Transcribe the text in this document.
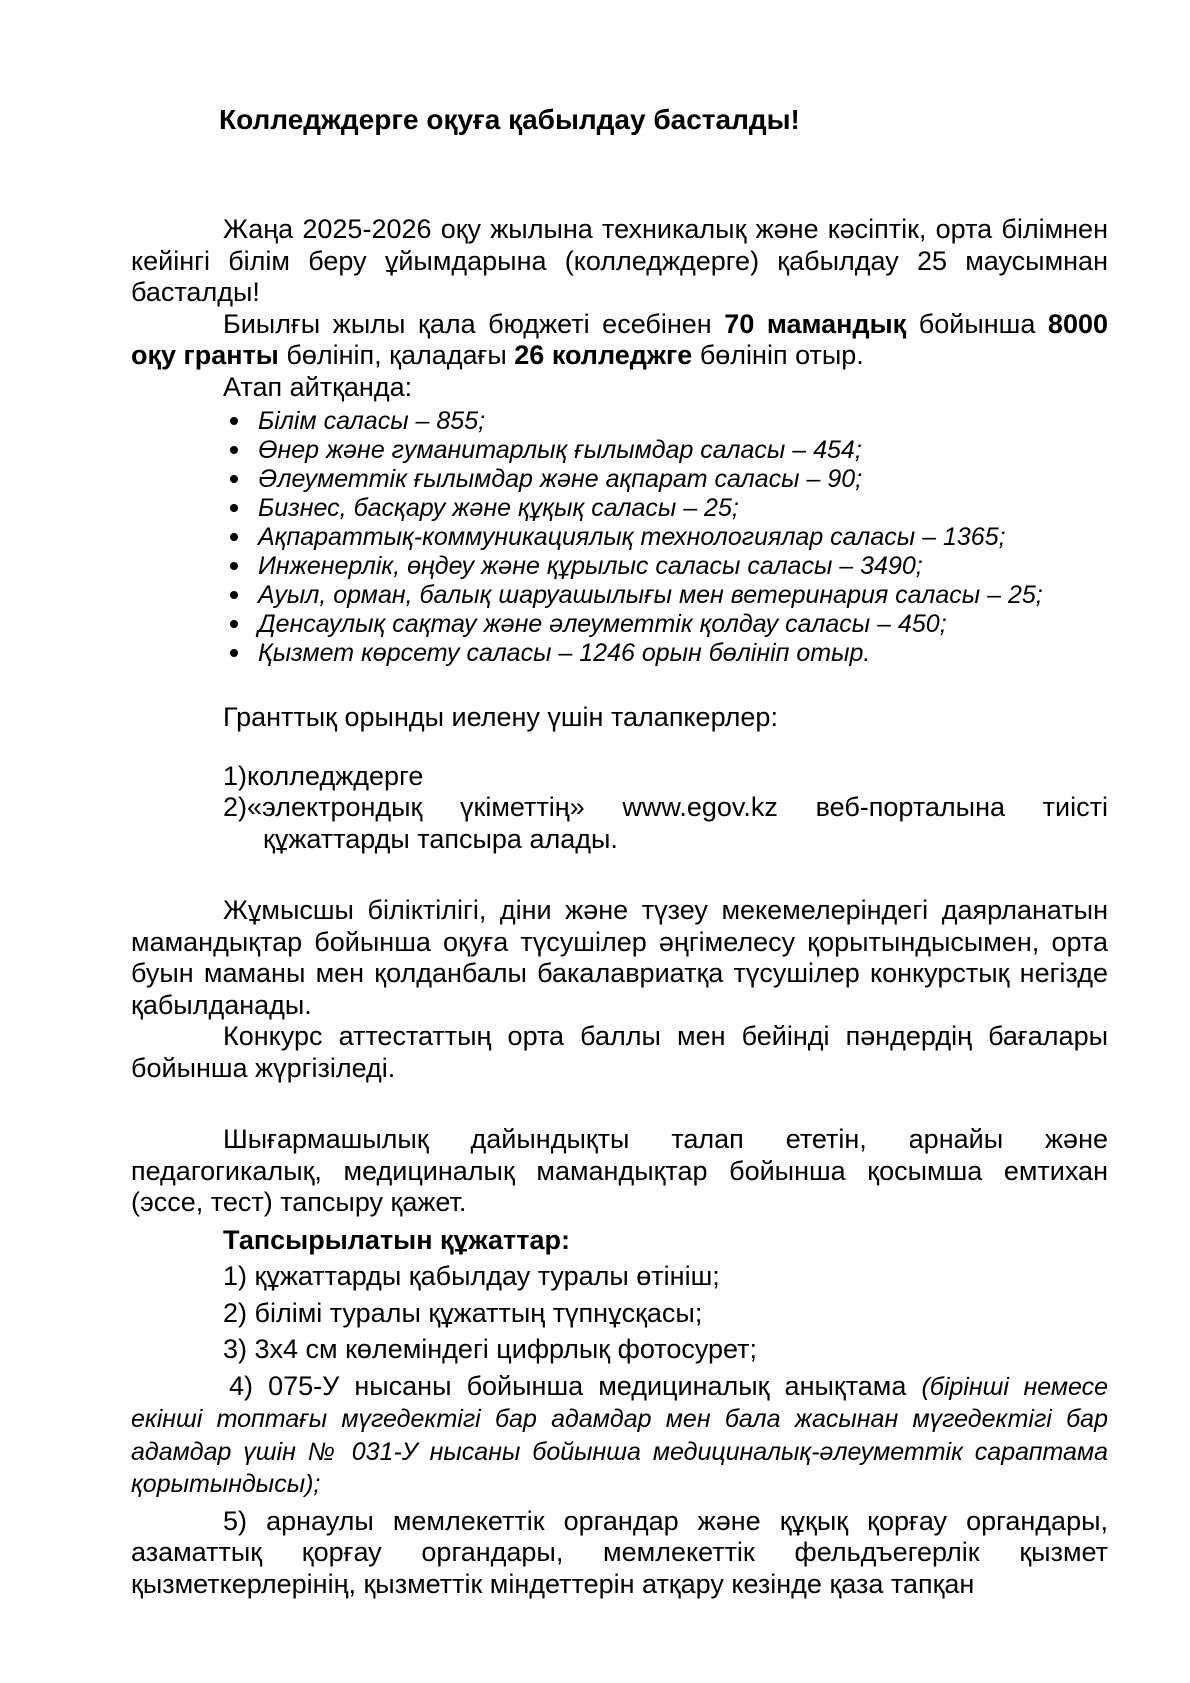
Колледждерге оқуға қабылдау басталды!

Жаңа 2025-2026 оқу жылына техникалық және кәсіптік, орта білімнен кейінгі білім беру ұйымдарына (колледждерге) қабылдау 25 маусымнан басталды!

Биылғы жылы қала бюджеті есебінен 70 мамандық бойынша 8000 оқу гранты бөлініп, қаладағы 26 колледжге бөлініп отыр.

Атап айтқанда:

Білім саласы – 855;
Өнер және гуманитарлық ғылымдар саласы – 454;
Әлеуметтік ғылымдар және ақпарат саласы – 90;
Бизнес, басқару және құқық саласы – 25;
Ақпараттық-коммуникациялық технологиялар саласы – 1365;
Инженерлік, өңдеу және құрылыс саласы саласы – 3490;
Ауыл, орман, балық шаруашылығы мен ветеринария саласы – 25;
Денсаулық сақтау және әлеуметтік қолдау саласы – 450;
Қызмет көрсету саласы – 1246 орын бөлініп отыр.

Гранттық орынды иелену үшін талапкерлер:

1)колледждерге

2)«электрондық үкіметтің» www.egov.kz веб-порталына тиісті құжаттарды тапсыра алады.

Жұмысшы біліктілігі, діни және түзеу мекемелеріндегі даярланатын мамандықтар бойынша оқуға түсушілер әңгімелесу қорытындысымен, орта буын маманы мен қолданбалы бакалавриатқа түсушілер конкурстық негізде қабылданады.

Конкурс аттестаттың орта баллы мен бейінді пәндердің бағалары бойынша жүргізіледі.

Шығармашылық дайындықты талап ететін, арнайы және педагогикалық, медициналық мамандықтар бойынша қосымша емтихан (эссе, тест) тапсыру қажет.

Тапсырылатын құжаттар:

1) құжаттарды қабылдау туралы өтініш;

2) білімі туралы құжаттың түпнұсқасы;

3) 3х4 см көлеміндегі цифрлық фотосурет;

4) 075-У нысаны бойынша медициналық анықтама (бірінші немесе екінші топтағы мүгедектігі бар адамдар мен бала жасынан мүгедектігі бар адамдар үшін № 031-У нысаны бойынша медициналық-әлеуметтік сараптама қорытындысы);

5) арнаулы мемлекеттік органдар және құқық қорғау органдары, азаматтық қорғау органдары, мемлекеттік фельдъегерлік қызмет қызметкерлерінің, қызметтік міндеттерін атқару кезінде қаза тапқан
